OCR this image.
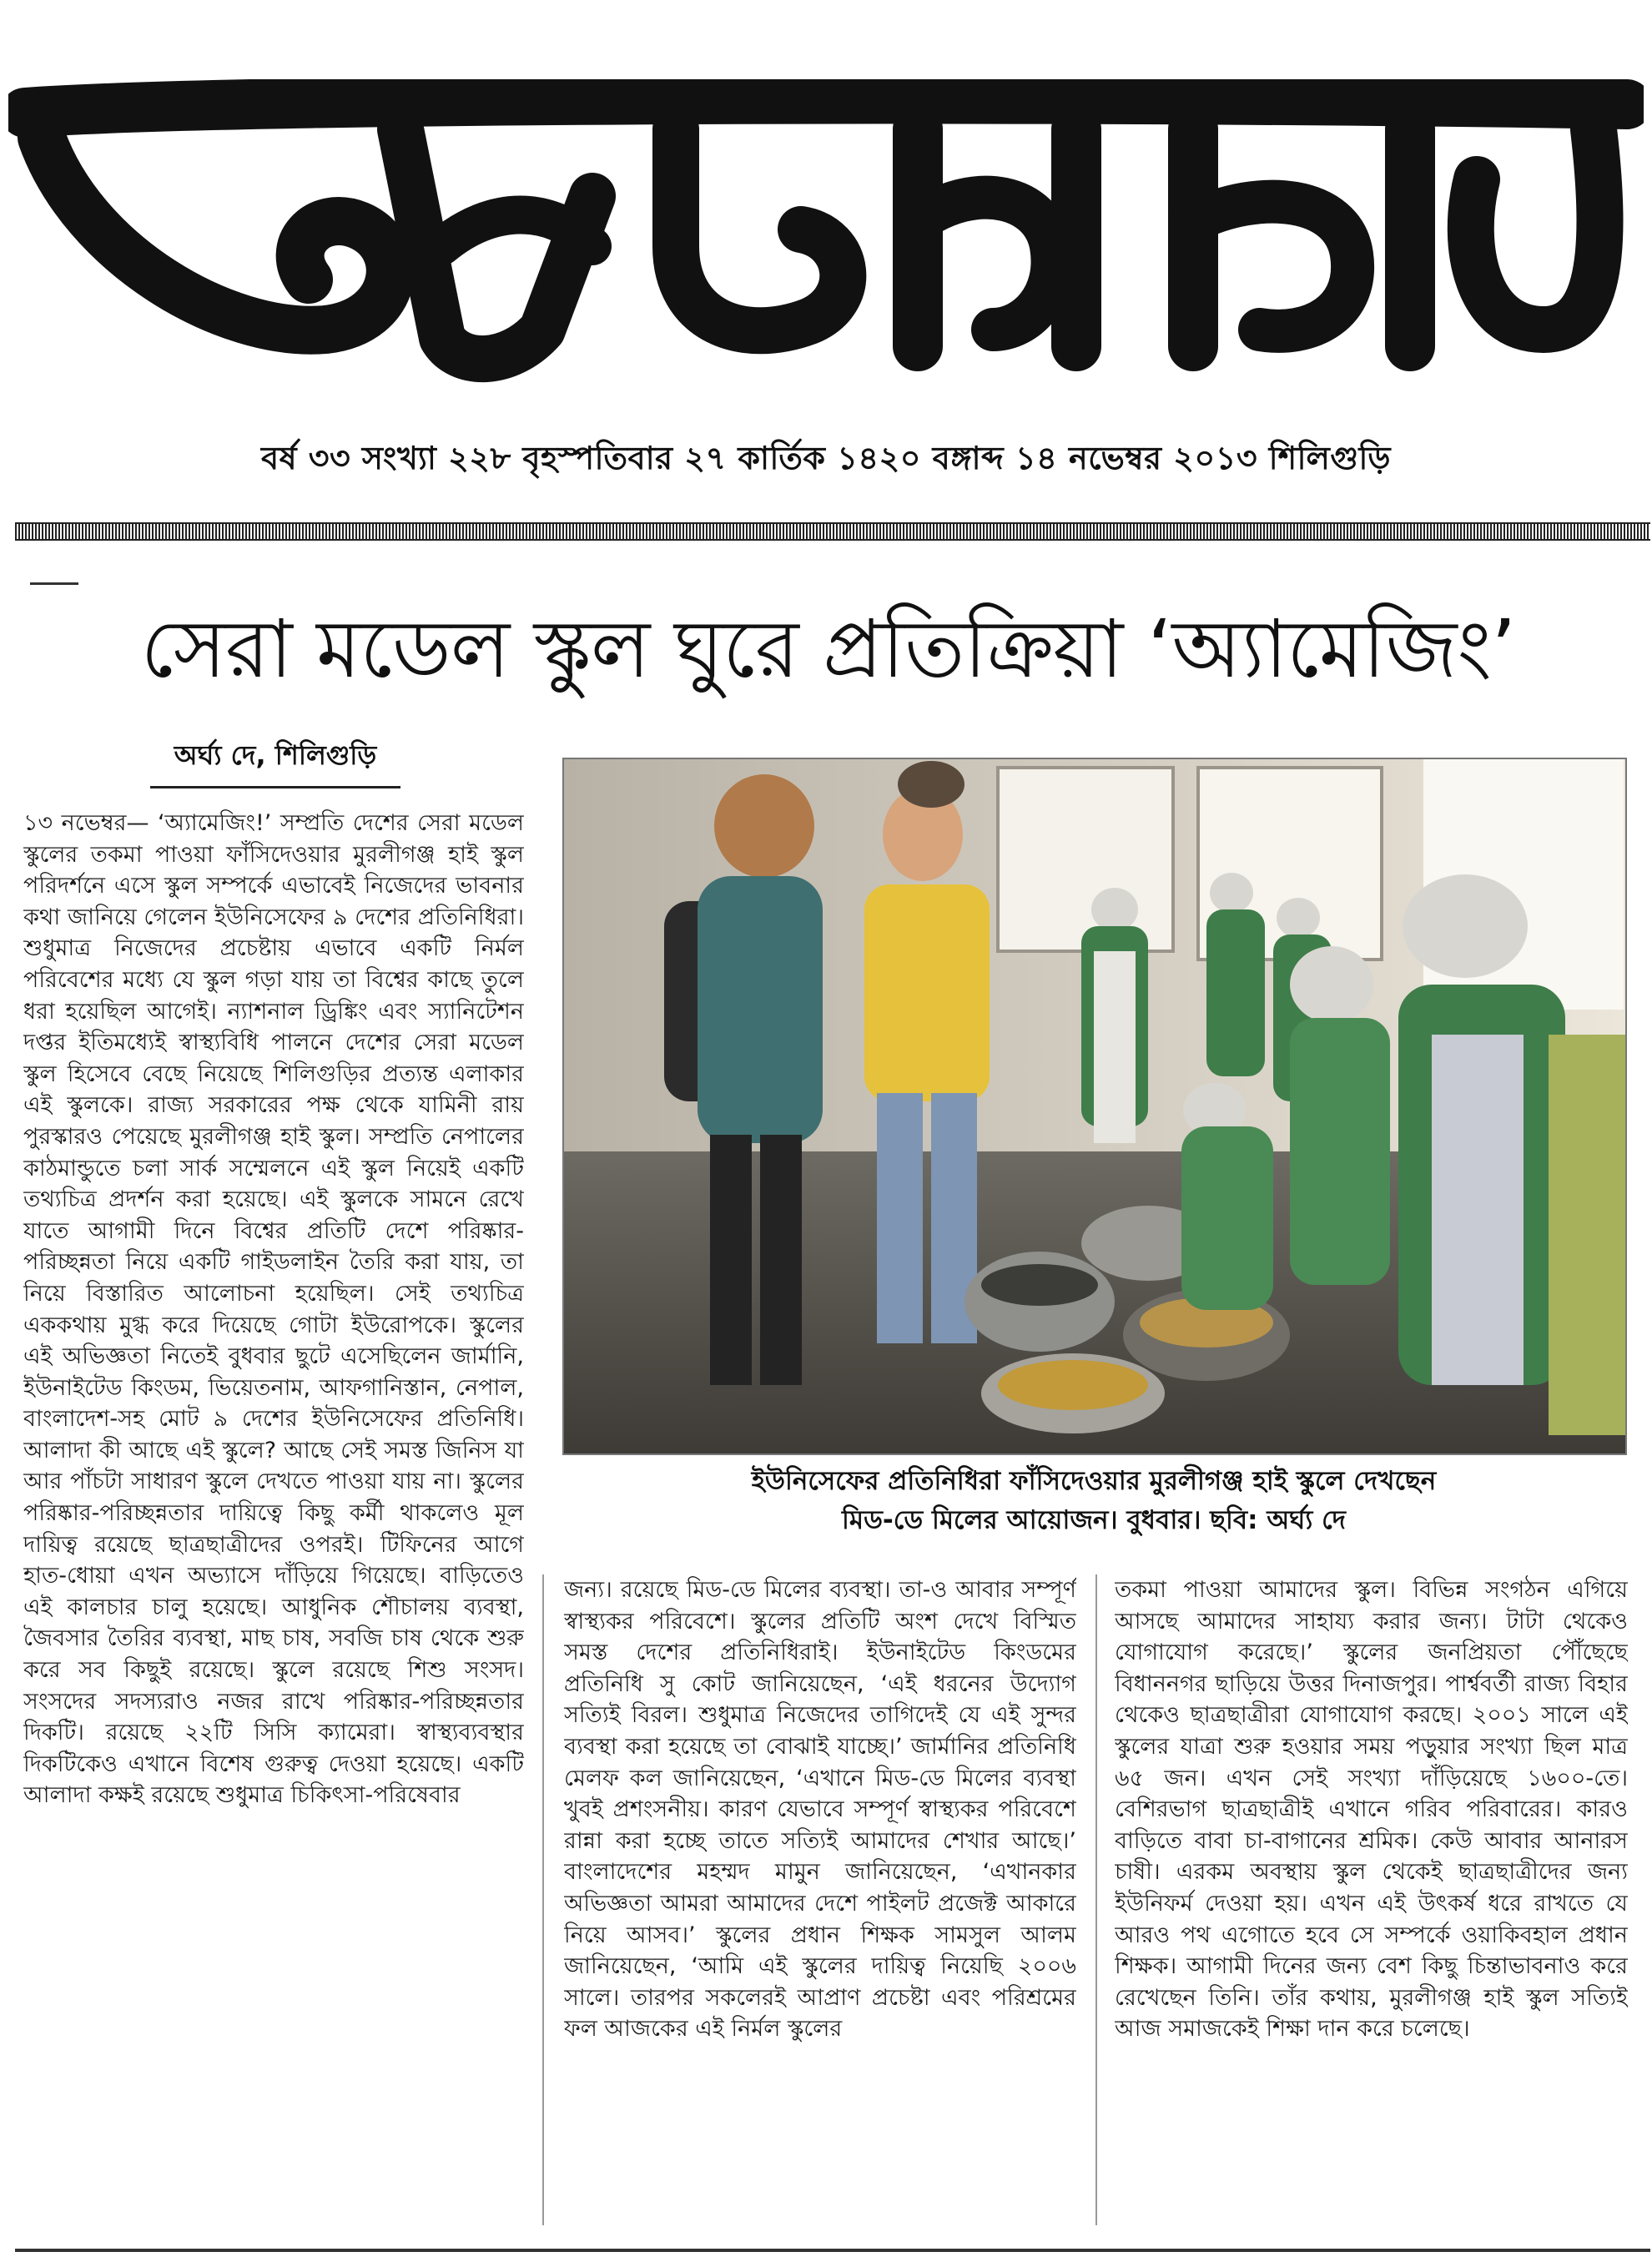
বর্ষ ৩৩ সংখ্যা ২২৮ বৃহস্পতিবার ২৭ কার্তিক ১৪২০ বঙ্গাব্দ ১৪ নভেম্বর ২০১৩ শিলিগুড়ি
সেরা মডেল স্কুল ঘুরে প্রতিক্রিয়া ‘অ্যামেজিং’
অর্ঘ্য দে, শিলিগুড়ি

১৩ নভেম্বর— ‘অ্যামেজিং!’ সম্প্রতি দেশের সেরা মডেল স্কুলের তকমা পাওয়া ফাঁসিদেওয়ার মুরলীগঞ্জ হাই স্কুল পরিদর্শনে এসে স্কুল সম্পর্কে এভাবেই নিজেদের ভাবনার কথা জানিয়ে গেলেন ইউনিসেফের ৯ দেশের প্রতিনিধিরা। শুধুমাত্র নিজেদের প্রচেষ্টায় এভাবে একটি নির্মল পরিবেশের মধ্যে যে স্কুল গড়া যায় তা বিশ্বের কাছে তুলে ধরা হয়েছিল আগেই। ন্যাশনাল ড্রিঙ্কিং এবং স্যানিটেশন দপ্তর ইতিমধ্যেই স্বাস্থ্যবিধি পালনে দেশের সেরা মডেল স্কুল হিসেবে বেছে নিয়েছে শিলিগুড়ির প্রত্যন্ত এলাকার এই স্কুলকে। রাজ্য সরকারের পক্ষ থেকে যামিনী রায় পুরস্কারও পেয়েছে মুরলীগঞ্জ হাই স্কুল। সম্প্রতি নেপালের কাঠমান্ডুতে চলা সার্ক সম্মেলনে এই স্কুল নিয়েই একটি তথ্যচিত্র প্রদর্শন করা হয়েছে। এই স্কুলকে সামনে রেখে যাতে আগামী দিনে বিশ্বের প্রতিটি দেশে পরিষ্কার-পরিচ্ছন্নতা নিয়ে একটি গাইডলাইন তৈরি করা যায়, তা নিয়ে বিস্তারিত আলোচনা হয়েছিল। সেই তথ্যচিত্র এককথায় মুগ্ধ করে দিয়েছে গোটা ইউরোপকে। স্কুলের এই অভিজ্ঞতা নিতেই বুধবার ছুটে এসেছিলেন জার্মানি, ইউনাইটেড কিংডম, ভিয়েতনাম, আফগানিস্তান, নেপাল, বাংলাদেশ-সহ মোট ৯ দেশের ইউনিসেফের প্রতিনিধি। আলাদা কী আছে এই স্কুলে? আছে সেই সমস্ত জিনিস যা আর পাঁচটা সাধারণ স্কুলে দেখতে পাওয়া যায় না। স্কুলের পরিষ্কার-পরিচ্ছন্নতার দায়িত্বে কিছু কর্মী থাকলেও মূল দায়িত্ব রয়েছে ছাত্রছাত্রীদের ওপরই। টিফিনের আগে হাত-ধোয়া এখন অভ্যাসে দাঁড়িয়ে গিয়েছে। বাড়িতেও এই কালচার চালু হয়েছে। আধুনিক শৌচালয় ব্যবস্থা, জৈবসার তৈরির ব্যবস্থা, মাছ চাষ, সবজি চাষ থেকে শুরু করে সব কিছুই রয়েছে। স্কুলে রয়েছে শিশু সংসদ। সংসদের সদস্যরাও নজর রাখে পরিষ্কার-পরিচ্ছন্নতার দিকটি। রয়েছে ২২টি সিসি ক্যামেরা। স্বাস্থ্যব্যবস্থার দিকটিকেও এখানে বিশেষ গুরুত্ব দেওয়া হয়েছে। একটি আলাদা কক্ষই রয়েছে শুধুমাত্র চিকিৎসা-পরিষেবার

ইউনিসেফের প্রতিনিধিরা ফাঁসিদেওয়ার মুরলীগঞ্জ হাই স্কুলে দেখছেন
মিড-ডে মিলের আয়োজন। বুধবার। ছবি: অর্ঘ্য দে

জন্য। রয়েছে মিড-ডে মিলের ব্যবস্থা। তা-ও আবার সম্পূর্ণ স্বাস্থ্যকর পরিবেশে। স্কুলের প্রতিটি অংশ দেখে বিস্মিত সমস্ত দেশের প্রতিনিধিরাই। ইউনাইটেড কিংডমের প্রতিনিধি সু কোট জানিয়েছেন, ‘এই ধরনের উদ্যোগ সত্যিই বিরল। শুধুমাত্র নিজেদের তাগিদেই যে এই সুন্দর ব্যবস্থা করা হয়েছে তা বোঝাই যাচ্ছে।’ জার্মানির প্রতিনিধি মেলফ কল জানিয়েছেন, ‘এখানে মিড-ডে মিলের ব্যবস্থা খুবই প্রশংসনীয়। কারণ যেভাবে সম্পূর্ণ স্বাস্থ্যকর পরিবেশে রান্না করা হচ্ছে তাতে সত্যিই আমাদের শেখার আছে।’ বাংলাদেশের মহম্মদ মামুন জানিয়েছেন, ‘এখানকার অভিজ্ঞতা আমরা আমাদের দেশে পাইলট প্রজেক্ট আকারে নিয়ে আসব।’ স্কুলের প্রধান শিক্ষক সামসুল আলম জানিয়েছেন, ‘আমি এই স্কুলের দায়িত্ব নিয়েছি ২০০৬ সালে। তারপর সকলেরই আপ্রাণ প্রচেষ্টা এবং পরিশ্রমের ফল আজকের এই নির্মল স্কুলের

তকমা পাওয়া আমাদের স্কুল। বিভিন্ন সংগঠন এগিয়ে আসছে আমাদের সাহায্য করার জন্য। টাটা থেকেও যোগাযোগ করেছে।’ স্কুলের জনপ্রিয়তা পৌঁছেছে বিধাননগর ছাড়িয়ে উত্তর দিনাজপুর। পার্শ্ববর্তী রাজ্য বিহার থেকেও ছাত্রছাত্রীরা যোগাযোগ করছে। ২০০১ সালে এই স্কুলের যাত্রা শুরু হওয়ার সময় পড়ুয়ার সংখ্যা ছিল মাত্র ৬৫ জন। এখন সেই সংখ্যা দাঁড়িয়েছে ১৬০০-তে। বেশিরভাগ ছাত্রছাত্রীই এখানে গরিব পরিবারের। কারও বাড়িতে বাবা চা-বাগানের শ্রমিক। কেউ আবার আনারস চাষী। এরকম অবস্থায় স্কুল থেকেই ছাত্রছাত্রীদের জন্য ইউনিফর্ম দেওয়া হয়। এখন এই উৎকর্ষ ধরে রাখতে যে আরও পথ এগোতে হবে সে সম্পর্কে ওয়াকিবহাল প্রধান শিক্ষক। আগামী দিনের জন্য বেশ কিছু চিন্তাভাবনাও করে রেখেছেন তিনি। তাঁর কথায়, মুরলীগঞ্জ হাই স্কুল সত্যিই আজ সমাজকেই শিক্ষা দান করে চলেছে।
